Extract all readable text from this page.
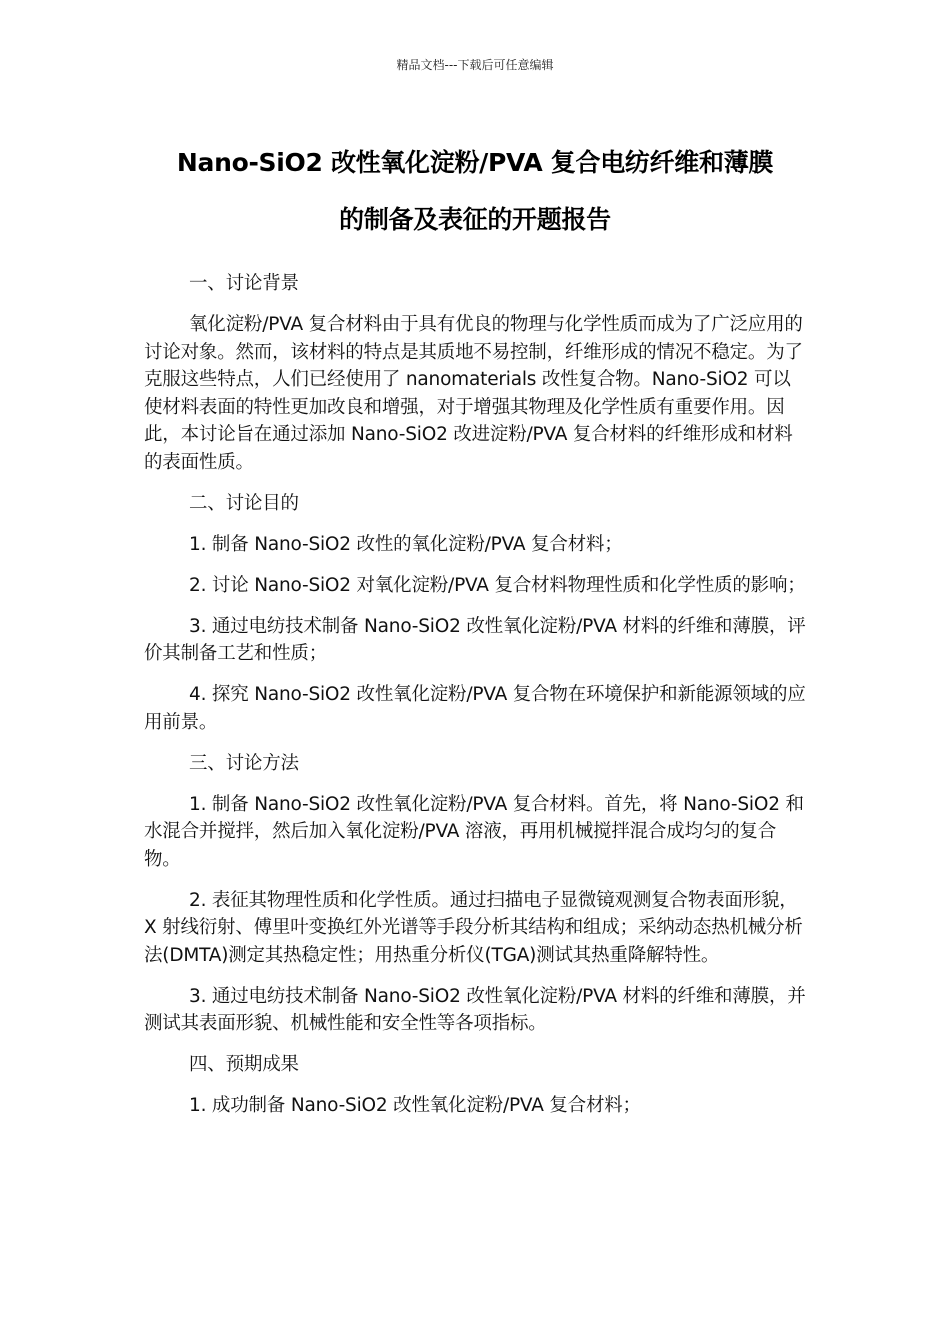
精品文档---下载后可任意编辑
Nano-SiO2 改性氧化淀粉/PVA 复合电纺纤维和薄膜
的制备及表征的开题报告

一、讨论背景

氧化淀粉/PVA 复合材料由于具有优良的物理与化学性质而成为了广泛应用的讨论对象。然而，该材料的特点是其质地不易控制，纤维形成的情况不稳定。为了克服这些特点，人们已经使用了 nanomaterials 改性复合物。Nano-SiO2 可以使材料表面的特性更加改良和增强，对于增强其物理及化学性质有重要作用。因此，本讨论旨在通过添加 Nano-SiO2 改进淀粉/PVA 复合材料的纤维形成和材料的表面性质。

二、讨论目的

1. 制备 Nano-SiO2 改性的氧化淀粉/PVA 复合材料；

2. 讨论 Nano-SiO2 对氧化淀粉/PVA 复合材料物理性质和化学性质的影响；

3. 通过电纺技术制备 Nano-SiO2 改性氧化淀粉/PVA 材料的纤维和薄膜，评价其制备工艺和性质；

4. 探究 Nano-SiO2 改性氧化淀粉/PVA 复合物在环境保护和新能源领域的应用前景。

三、讨论方法

1. 制备 Nano-SiO2 改性氧化淀粉/PVA 复合材料。首先，将 Nano-SiO2 和水混合并搅拌，然后加入氧化淀粉/PVA 溶液，再用机械搅拌混合成均匀的复合物。

2. 表征其物理性质和化学性质。通过扫描电子显微镜观测复合物表面形貌，X 射线衍射、傅里叶变换红外光谱等手段分析其结构和组成；采纳动态热机械分析法(DMTA)测定其热稳定性；用热重分析仪(TGA)测试其热重降解特性。

3. 通过电纺技术制备 Nano-SiO2 改性氧化淀粉/PVA 材料的纤维和薄膜，并测试其表面形貌、机械性能和安全性等各项指标。

四、预期成果

1. 成功制备 Nano-SiO2 改性氧化淀粉/PVA 复合材料；
